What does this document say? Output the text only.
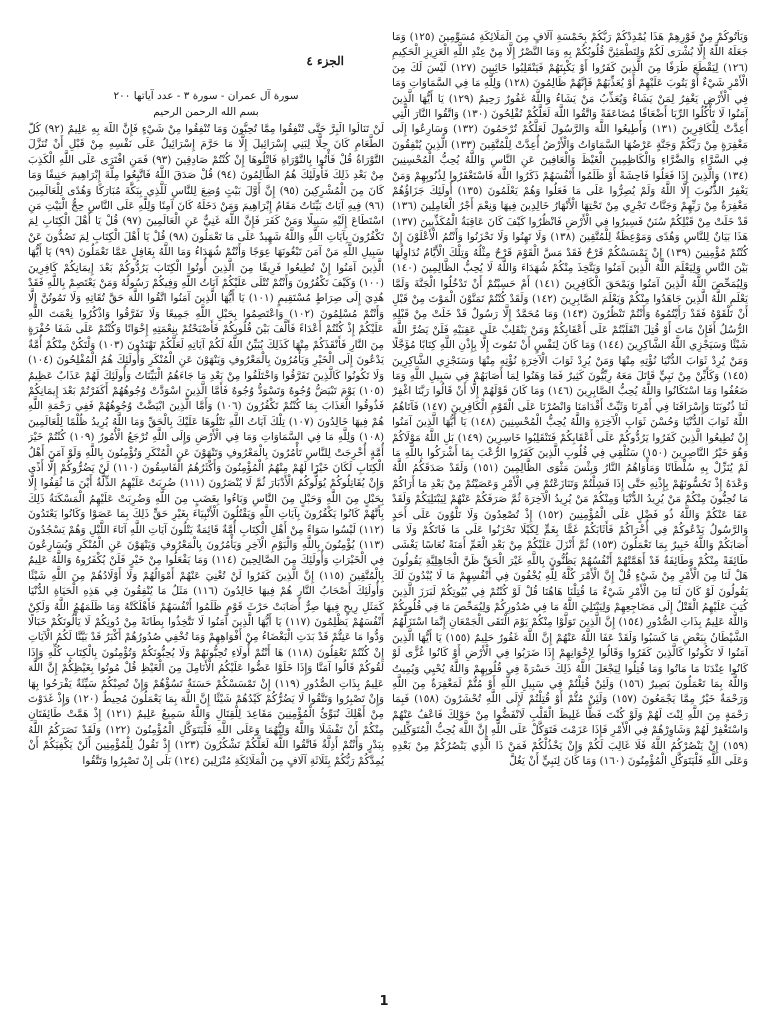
وَيَأْتُوكُمْ مِنْ فَوْرِهِمْ هَذَا يُمْدِدْكُمْ رَبُّكُمْ بِخَمْسَةِ آلَافٍ مِنَ الْمَلَائِكَةِ مُسَوِّمِينَ (١٢٥) وَمَا جَعَلَهُ اللَّهُ إِلَّا بُشْرَى لَكُمْ وَلِتَطْمَئِنَّ قُلُوبُكُمْ بِهِ وَمَا النَّصْرُ إِلَّا مِنْ عِنْدِ اللَّهِ الْعَزِيزِ الْحَكِيمِ (١٢٦) لِيَقْطَعَ طَرَفًا مِنَ الَّذِينَ كَفَرُوا أَوْ يَكْبِتَهُمْ فَيَنْقَلِبُوا خَائِبِينَ (١٢٧) لَيْسَ لَكَ مِنَ الْأَمْرِ شَيْءٌ أَوْ يَتُوبَ عَلَيْهِمْ أَوْ يُعَذِّبَهُمْ فَإِنَّهُمْ ظَالِمُونَ (١٢٨) وَلِلَّهِ مَا فِي السَّمَاوَاتِ وَمَا فِي الْأَرْضِ يَغْفِرُ لِمَنْ يَشَاءُ وَيُعَذِّبُ مَنْ يَشَاءُ وَاللَّهُ غَفُورٌ رَحِيمٌ (١٢٩) يَا أَيُّهَا الَّذِينَ آمَنُوا لَا تَأْكُلُوا الرِّبَا أَضْعَافًا مُضَاعَفَةً وَاتَّقُوا اللَّهَ لَعَلَّكُمْ تُفْلِحُونَ (١٣٠) وَاتَّقُوا النَّارَ الَّتِي أُعِدَّتْ لِلْكَافِرِينَ (١٣١) وَأَطِيعُوا اللَّهَ وَالرَّسُولَ لَعَلَّكُمْ تُرْحَمُونَ (١٣٢) وَسَارِعُوا إِلَى مَغْفِرَةٍ مِنْ رَبِّكُمْ وَجَنَّةٍ عَرْضُهَا السَّمَاوَاتُ وَالْأَرْضُ أُعِدَّتْ لِلْمُتَّقِينَ (١٣٣) الَّذِينَ يُنْفِقُونَ فِي السَّرَّاءِ وَالضَّرَّاءِ وَالْكَاظِمِينَ الْغَيْظَ وَالْعَافِينَ عَنِ النَّاسِ وَاللَّهُ يُحِبُّ الْمُحْسِنِينَ (١٣٤) وَالَّذِينَ إِذَا فَعَلُوا فَاحِشَةً أَوْ ظَلَمُوا أَنْفُسَهُمْ ذَكَرُوا اللَّهَ فَاسْتَغْفَرُوا لِذُنُوبِهِمْ وَمَنْ يَغْفِرُ الذُّنُوبَ إِلَّا اللَّهُ وَلَمْ يُصِرُّوا عَلَى مَا فَعَلُوا وَهُمْ يَعْلَمُونَ (١٣٥) أُولَئِكَ جَزَاؤُهُمْ مَغْفِرَةٌ مِنْ رَبِّهِمْ وَجَنَّاتٌ تَجْرِي مِنْ تَحْتِهَا الْأَنْهَارُ خَالِدِينَ فِيهَا وَنِعْمَ أَجْرُ الْعَامِلِينَ (١٣٦) قَدْ خَلَتْ مِنْ قَبْلِكُمْ سُنَنٌ فَسِيرُوا فِي الْأَرْضِ فَانْظُرُوا كَيْفَ كَانَ عَاقِبَةُ الْمُكَذِّبِينَ (١٣٧) هَذَا بَيَانٌ لِلنَّاسِ وَهُدًى وَمَوْعِظَةٌ لِلْمُتَّقِينَ (١٣٨) وَلَا تَهِنُوا وَلَا تَحْزَنُوا وَأَنْتُمُ الْأَعْلَوْنَ إِنْ كُنْتُمْ مُؤْمِنِينَ (١٣٩) إِنْ يَمْسَسْكُمْ قَرْحٌ فَقَدْ مَسَّ الْقَوْمَ قَرْحٌ مِثْلُهُ وَتِلْكَ الْأَيَّامُ نُدَاوِلُهَا بَيْنَ النَّاسِ وَلِيَعْلَمَ اللَّهُ الَّذِينَ آمَنُوا وَيَتَّخِذَ مِنْكُمْ شُهَدَاءَ وَاللَّهُ لَا يُحِبُّ الظَّالِمِينَ (١٤٠) وَلِيُمَحِّصَ اللَّهُ الَّذِينَ آمَنُوا وَيَمْحَقَ الْكَافِرِينَ (١٤١) أَمْ حَسِبْتُمْ أَنْ تَدْخُلُوا الْجَنَّةَ وَلَمَّا يَعْلَمِ اللَّهُ الَّذِينَ جَاهَدُوا مِنْكُمْ وَيَعْلَمَ الصَّابِرِينَ (١٤٢) وَلَقَدْ كُنْتُمْ تَمَنَّوْنَ الْمَوْتَ مِنْ قَبْلِ أَنْ تَلْقَوْهُ فَقَدْ رَأَيْتُمُوهُ وَأَنْتُمْ تَنْظُرُونَ (١٤٣) وَمَا مُحَمَّدٌ إِلَّا رَسُولٌ قَدْ خَلَتْ مِنْ قَبْلِهِ الرُّسُلُ أَفَإِنْ مَاتَ أَوْ قُتِلَ انْقَلَبْتُمْ عَلَى أَعْقَابِكُمْ وَمَنْ يَنْقَلِبْ عَلَى عَقِبَيْهِ فَلَنْ يَضُرَّ اللَّهَ شَيْئًا وَسَيَجْزِي اللَّهُ الشَّاكِرِينَ (١٤٤) وَمَا كَانَ لِنَفْسٍ أَنْ تَمُوتَ إِلَّا بِإِذْنِ اللَّهِ كِتَابًا مُؤَجَّلًا وَمَنْ يُرِدْ ثَوَابَ الدُّنْيَا نُؤْتِهِ مِنْهَا وَمَنْ يُرِدْ ثَوَابَ الْآخِرَةِ نُؤْتِهِ مِنْهَا وَسَنَجْزِي الشَّاكِرِينَ (١٤٥) وَكَأَيِّنْ مِنْ نَبِيٍّ قَاتَلَ مَعَهُ رِبِّيُّونَ كَثِيرٌ فَمَا وَهَنُوا لِمَا أَصَابَهُمْ فِي سَبِيلِ اللَّهِ وَمَا ضَعُفُوا وَمَا اسْتَكَانُوا وَاللَّهُ يُحِبُّ الصَّابِرِينَ (١٤٦) وَمَا كَانَ قَوْلَهُمْ إِلَّا أَنْ قَالُوا رَبَّنَا اغْفِرْ لَنَا ذُنُوبَنَا وَإِسْرَافَنَا فِي أَمْرِنَا وَثَبِّتْ أَقْدَامَنَا وَانْصُرْنَا عَلَى الْقَوْمِ الْكَافِرِينَ (١٤٧) فَآتَاهُمُ اللَّهُ ثَوَابَ الدُّنْيَا وَحُسْنَ ثَوَابِ الْآخِرَةِ وَاللَّهُ يُحِبُّ الْمُحْسِنِينَ (١٤٨) يَا أَيُّهَا الَّذِينَ آمَنُوا إِنْ تُطِيعُوا الَّذِينَ كَفَرُوا يَرُدُّوكُمْ عَلَى أَعْقَابِكُمْ فَتَنْقَلِبُوا خَاسِرِينَ (١٤٩) بَلِ اللَّهُ مَوْلَاكُمْ وَهُوَ خَيْرُ النَّاصِرِينَ (١٥٠) سَنُلْقِي فِي قُلُوبِ الَّذِينَ كَفَرُوا الرُّعْبَ بِمَا أَشْرَكُوا بِاللَّهِ مَا لَمْ يُنَزِّلْ بِهِ سُلْطَانًا وَمَأْوَاهُمُ النَّارُ وَبِئْسَ مَثْوَى الظَّالِمِينَ (١٥١) وَلَقَدْ صَدَقَكُمُ اللَّهُ وَعْدَهُ إِذْ تَحُسُّونَهُمْ بِإِذْنِهِ حَتَّى إِذَا فَشِلْتُمْ وَتَنَازَعْتُمْ فِي الْأَمْرِ وَعَصَيْتُمْ مِنْ بَعْدِ مَا أَرَاكُمْ مَا تُحِبُّونَ مِنْكُمْ مَنْ يُرِيدُ الدُّنْيَا وَمِنْكُمْ مَنْ يُرِيدُ الْآخِرَةَ ثُمَّ صَرَفَكُمْ عَنْهُمْ لِيَبْتَلِيَكُمْ وَلَقَدْ عَفَا عَنْكُمْ وَاللَّهُ ذُو فَضْلٍ عَلَى الْمُؤْمِنِينَ (١٥٢) إِذْ تُصْعِدُونَ وَلَا تَلْوُونَ عَلَى أَحَدٍ وَالرَّسُولُ يَدْعُوكُمْ فِي أُخْرَاكُمْ فَأَثَابَكُمْ غَمًّا بِغَمٍّ لِكَيْلَا تَحْزَنُوا عَلَى مَا فَاتَكُمْ وَلَا مَا أَصَابَكُمْ وَاللَّهُ خَبِيرٌ بِمَا تَعْمَلُونَ (١٥٣) ثُمَّ أَنْزَلَ عَلَيْكُمْ مِنْ بَعْدِ الْغَمِّ أَمَنَةً نُعَاسًا يَغْشَى طَائِفَةً مِنْكُمْ وَطَائِفَةٌ قَدْ أَهَمَّتْهُمْ أَنْفُسُهُمْ يَظُنُّونَ بِاللَّهِ غَيْرَ الْحَقِّ ظَنَّ الْجَاهِلِيَّةِ يَقُولُونَ هَلْ لَنَا مِنَ الْأَمْرِ مِنْ شَيْءٍ قُلْ إِنَّ الْأَمْرَ كُلَّهُ لِلَّهِ يُخْفُونَ فِي أَنْفُسِهِمْ مَا لَا يُبْدُونَ لَكَ يَقُولُونَ لَوْ كَانَ لَنَا مِنَ الْأَمْرِ شَيْءٌ مَا قُتِلْنَا هَاهُنَا قُلْ لَوْ كُنْتُمْ فِي بُيُوتِكُمْ لَبَرَزَ الَّذِينَ كُتِبَ عَلَيْهِمُ الْقَتْلُ إِلَى مَضَاجِعِهِمْ وَلِيَبْتَلِيَ اللَّهُ مَا فِي صُدُورِكُمْ وَلِيُمَحِّصَ مَا فِي قُلُوبِكُمْ وَاللَّهُ عَلِيمٌ بِذَاتِ الصُّدُورِ (١٥٤) إِنَّ الَّذِينَ تَوَلَّوْا مِنْكُمْ يَوْمَ الْتَقَى الْجَمْعَانِ إِنَّمَا اسْتَزَلَّهُمُ الشَّيْطَانُ بِبَعْضِ مَا كَسَبُوا وَلَقَدْ عَفَا اللَّهُ عَنْهُمْ إِنَّ اللَّهَ غَفُورٌ حَلِيمٌ (١٥٥) يَا أَيُّهَا الَّذِينَ آمَنُوا لَا تَكُونُوا كَالَّذِينَ كَفَرُوا وَقَالُوا لِإِخْوَانِهِمْ إِذَا ضَرَبُوا فِي الْأَرْضِ أَوْ كَانُوا غُزًّى لَوْ كَانُوا عِنْدَنَا مَا مَاتُوا وَمَا قُتِلُوا لِيَجْعَلَ اللَّهُ ذَلِكَ حَسْرَةً فِي قُلُوبِهِمْ وَاللَّهُ يُحْيِي وَيُمِيتُ وَاللَّهُ بِمَا تَعْمَلُونَ بَصِيرٌ (١٥٦) وَلَئِنْ قُتِلْتُمْ فِي سَبِيلِ اللَّهِ أَوْ مُتُّمْ لَمَغْفِرَةٌ مِنَ اللَّهِ وَرَحْمَةٌ خَيْرٌ مِمَّا يَجْمَعُونَ (١٥٧) وَلَئِنْ مُتُّمْ أَوْ قُتِلْتُمْ لَإِلَى اللَّهِ تُحْشَرُونَ (١٥٨) فَبِمَا رَحْمَةٍ مِنَ اللَّهِ لِنْتَ لَهُمْ وَلَوْ كُنْتَ فَظًّا غَلِيظَ الْقَلْبِ لَانْفَضُّوا مِنْ حَوْلِكَ فَاعْفُ عَنْهُمْ وَاسْتَغْفِرْ لَهُمْ وَشَاوِرْهُمْ فِي الْأَمْرِ فَإِذَا عَزَمْتَ فَتَوَكَّلْ عَلَى اللَّهِ إِنَّ اللَّهَ يُحِبُّ الْمُتَوَكِّلِينَ (١٥٩) إِنْ يَنْصُرْكُمُ اللَّهُ فَلَا غَالِبَ لَكُمْ وَإِنْ يَخْذُلْكُمْ فَمَنْ ذَا الَّذِي يَنْصُرُكُمْ مِنْ بَعْدِهِ وَعَلَى اللَّهِ فَلْيَتَوَكَّلِ الْمُؤْمِنُونَ (١٦٠) وَمَا كَانَ لِنَبِيٍّ أَنْ يَغُلَّ

الجزء ٤
سورة آل عمران - سورة ٣ - عدد آياتها ٢٠٠
بسم الله الرحمن الرحيم

لَنْ تَنَالُوا الْبِرَّ حَتَّى تُنْفِقُوا مِمَّا تُحِبُّونَ وَمَا تُنْفِقُوا مِنْ شَيْءٍ فَإِنَّ اللَّهَ بِهِ عَلِيمٌ (٩٢) كُلُّ الطَّعَامِ كَانَ حِلًّا لِبَنِي إِسْرَائِيلَ إِلَّا مَا حَرَّمَ إِسْرَائِيلُ عَلَى نَفْسِهِ مِنْ قَبْلِ أَنْ تُنَزَّلَ التَّوْرَاةُ قُلْ فَأْتُوا بِالتَّوْرَاةِ فَاتْلُوهَا إِنْ كُنْتُمْ صَادِقِينَ (٩٣) فَمَنِ افْتَرَى عَلَى اللَّهِ الْكَذِبَ مِنْ بَعْدِ ذَلِكَ فَأُولَئِكَ هُمُ الظَّالِمُونَ (٩٤) قُلْ صَدَقَ اللَّهُ فَاتَّبِعُوا مِلَّةَ إِبْرَاهِيمَ حَنِيفًا وَمَا كَانَ مِنَ الْمُشْرِكِينَ (٩٥) إِنَّ أَوَّلَ بَيْتٍ وُضِعَ لِلنَّاسِ لَلَّذِي بِبَكَّةَ مُبَارَكًا وَهُدًى لِلْعَالَمِينَ (٩٦) فِيهِ آيَاتٌ بَيِّنَاتٌ مَقَامُ إِبْرَاهِيمَ وَمَنْ دَخَلَهُ كَانَ آمِنًا وَلِلَّهِ عَلَى النَّاسِ حِجُّ الْبَيْتِ مَنِ اسْتَطَاعَ إِلَيْهِ سَبِيلًا وَمَنْ كَفَرَ فَإِنَّ اللَّهَ غَنِيٌّ عَنِ الْعَالَمِينَ (٩٧) قُلْ يَا أَهْلَ الْكِتَابِ لِمَ تَكْفُرُونَ بِآيَاتِ اللَّهِ وَاللَّهُ شَهِيدٌ عَلَى مَا تَعْمَلُونَ (٩٨) قُلْ يَا أَهْلَ الْكِتَابِ لِمَ تَصُدُّونَ عَنْ سَبِيلِ اللَّهِ مَنْ آمَنَ تَبْغُونَهَا عِوَجًا وَأَنْتُمْ شُهَدَاءُ وَمَا اللَّهُ بِغَافِلٍ عَمَّا تَعْمَلُونَ (٩٩) يَا أَيُّهَا الَّذِينَ آمَنُوا إِنْ تُطِيعُوا فَرِيقًا مِنَ الَّذِينَ أُوتُوا الْكِتَابَ يَرُدُّوكُمْ بَعْدَ إِيمَانِكُمْ كَافِرِينَ (١٠٠) وَكَيْفَ تَكْفُرُونَ وَأَنْتُمْ تُتْلَى عَلَيْكُمْ آيَاتُ اللَّهِ وَفِيكُمْ رَسُولُهُ وَمَنْ يَعْتَصِمْ بِاللَّهِ فَقَدْ هُدِيَ إِلَى صِرَاطٍ مُسْتَقِيمٍ (١٠١) يَا أَيُّهَا الَّذِينَ آمَنُوا اتَّقُوا اللَّهَ حَقَّ تُقَاتِهِ وَلَا تَمُوتُنَّ إِلَّا وَأَنْتُمْ مُسْلِمُونَ (١٠٢) وَاعْتَصِمُوا بِحَبْلِ اللَّهِ جَمِيعًا وَلَا تَفَرَّقُوا وَاذْكُرُوا نِعْمَتَ اللَّهِ عَلَيْكُمْ إِذْ كُنْتُمْ أَعْدَاءً فَأَلَّفَ بَيْنَ قُلُوبِكُمْ فَأَصْبَحْتُمْ بِنِعْمَتِهِ إِخْوَانًا وَكُنْتُمْ عَلَى شَفَا حُفْرَةٍ مِنَ النَّارِ فَأَنْقَذَكُمْ مِنْهَا كَذَلِكَ يُبَيِّنُ اللَّهُ لَكُمْ آيَاتِهِ لَعَلَّكُمْ تَهْتَدُونَ (١٠٣) وَلْتَكُنْ مِنْكُمْ أُمَّةٌ يَدْعُونَ إِلَى الْخَيْرِ وَيَأْمُرُونَ بِالْمَعْرُوفِ وَيَنْهَوْنَ عَنِ الْمُنْكَرِ وَأُولَئِكَ هُمُ الْمُفْلِحُونَ (١٠٤) وَلَا تَكُونُوا كَالَّذِينَ تَفَرَّقُوا وَاخْتَلَفُوا مِنْ بَعْدِ مَا جَاءَهُمُ الْبَيِّنَاتُ وَأُولَئِكَ لَهُمْ عَذَابٌ عَظِيمٌ (١٠٥) يَوْمَ تَبْيَضُّ وُجُوهٌ وَتَسْوَدُّ وُجُوهٌ فَأَمَّا الَّذِينَ اسْوَدَّتْ وُجُوهُهُمْ أَكَفَرْتُمْ بَعْدَ إِيمَانِكُمْ فَذُوقُوا الْعَذَابَ بِمَا كُنْتُمْ تَكْفُرُونَ (١٠٦) وَأَمَّا الَّذِينَ ابْيَضَّتْ وُجُوهُهُمْ فَفِي رَحْمَةِ اللَّهِ هُمْ فِيهَا خَالِدُونَ (١٠٧) تِلْكَ آيَاتُ اللَّهِ نَتْلُوهَا عَلَيْكَ بِالْحَقِّ وَمَا اللَّهُ يُرِيدُ ظُلْمًا لِلْعَالَمِينَ (١٠٨) وَلِلَّهِ مَا فِي السَّمَاوَاتِ وَمَا فِي الْأَرْضِ وَإِلَى اللَّهِ تُرْجَعُ الْأُمُورُ (١٠٩) كُنْتُمْ خَيْرَ أُمَّةٍ أُخْرِجَتْ لِلنَّاسِ تَأْمُرُونَ بِالْمَعْرُوفِ وَتَنْهَوْنَ عَنِ الْمُنْكَرِ وَتُؤْمِنُونَ بِاللَّهِ وَلَوْ آمَنَ أَهْلُ الْكِتَابِ لَكَانَ خَيْرًا لَهُمْ مِنْهُمُ الْمُؤْمِنُونَ وَأَكْثَرُهُمُ الْفَاسِقُونَ (١١٠) لَنْ يَضُرُّوكُمْ إِلَّا أَذًى وَإِنْ يُقَاتِلُوكُمْ يُوَلُّوكُمُ الْأَدْبَارَ ثُمَّ لَا يُنْصَرُونَ (١١١) ضُرِبَتْ عَلَيْهِمُ الذِّلَّةُ أَيْنَ مَا ثُقِفُوا إِلَّا بِحَبْلٍ مِنَ اللَّهِ وَحَبْلٍ مِنَ النَّاسِ وَبَاءُوا بِغَضَبٍ مِنَ اللَّهِ وَضُرِبَتْ عَلَيْهِمُ الْمَسْكَنَةُ ذَلِكَ بِأَنَّهُمْ كَانُوا يَكْفُرُونَ بِآيَاتِ اللَّهِ وَيَقْتُلُونَ الْأَنْبِيَاءَ بِغَيْرِ حَقٍّ ذَلِكَ بِمَا عَصَوْا وَكَانُوا يَعْتَدُونَ (١١٢) لَيْسُوا سَوَاءً مِنْ أَهْلِ الْكِتَابِ أُمَّةٌ قَائِمَةٌ يَتْلُونَ آيَاتِ اللَّهِ آنَاءَ اللَّيْلِ وَهُمْ يَسْجُدُونَ (١١٣) يُؤْمِنُونَ بِاللَّهِ وَالْيَوْمِ الْآخِرِ وَيَأْمُرُونَ بِالْمَعْرُوفِ وَيَنْهَوْنَ عَنِ الْمُنْكَرِ وَيُسَارِعُونَ فِي الْخَيْرَاتِ وَأُولَئِكَ مِنَ الصَّالِحِينَ (١١٤) وَمَا يَفْعَلُوا مِنْ خَيْرٍ فَلَنْ يُكْفَرُوهُ وَاللَّهُ عَلِيمٌ بِالْمُتَّقِينَ (١١٥) إِنَّ الَّذِينَ كَفَرُوا لَنْ تُغْنِيَ عَنْهُمْ أَمْوَالُهُمْ وَلَا أَوْلَادُهُمْ مِنَ اللَّهِ شَيْئًا وَأُولَئِكَ أَصْحَابُ النَّارِ هُمْ فِيهَا خَالِدُونَ (١١٦) مَثَلُ مَا يُنْفِقُونَ فِي هَذِهِ الْحَيَاةِ الدُّنْيَا كَمَثَلِ رِيحٍ فِيهَا صِرٌّ أَصَابَتْ حَرْثَ قَوْمٍ ظَلَمُوا أَنْفُسَهُمْ فَأَهْلَكَتْهُ وَمَا ظَلَمَهُمُ اللَّهُ وَلَكِنْ أَنْفُسَهُمْ يَظْلِمُونَ (١١٧) يَا أَيُّهَا الَّذِينَ آمَنُوا لَا تَتَّخِذُوا بِطَانَةً مِنْ دُونِكُمْ لَا يَأْلُونَكُمْ خَبَالًا وَدُّوا مَا عَنِتُّمْ قَدْ بَدَتِ الْبَغْضَاءُ مِنْ أَفْوَاهِهِمْ وَمَا تُخْفِي صُدُورُهُمْ أَكْبَرُ قَدْ بَيَّنَّا لَكُمُ الْآيَاتِ إِنْ كُنْتُمْ تَعْقِلُونَ (١١٨) هَا أَنْتُمْ أُولَاءِ تُحِبُّونَهُمْ وَلَا يُحِبُّونَكُمْ وَتُؤْمِنُونَ بِالْكِتَابِ كُلِّهِ وَإِذَا لَقُوكُمْ قَالُوا آمَنَّا وَإِذَا خَلَوْا عَضُّوا عَلَيْكُمُ الْأَنَامِلَ مِنَ الْغَيْظِ قُلْ مُوتُوا بِغَيْظِكُمْ إِنَّ اللَّهَ عَلِيمٌ بِذَاتِ الصُّدُورِ (١١٩) إِنْ تَمْسَسْكُمْ حَسَنَةٌ تَسُؤْهُمْ وَإِنْ تُصِبْكُمْ سَيِّئَةٌ يَفْرَحُوا بِهَا وَإِنْ تَصْبِرُوا وَتَتَّقُوا لَا يَضُرُّكُمْ كَيْدُهُمْ شَيْئًا إِنَّ اللَّهَ بِمَا يَعْمَلُونَ مُحِيطٌ (١٢٠) وَإِذْ غَدَوْتَ مِنْ أَهْلِكَ تُبَوِّئُ الْمُؤْمِنِينَ مَقَاعِدَ لِلْقِتَالِ وَاللَّهُ سَمِيعٌ عَلِيمٌ (١٢١) إِذْ هَمَّتْ طَائِفَتَانِ مِنْكُمْ أَنْ تَفْشَلَا وَاللَّهُ وَلِيُّهُمَا وَعَلَى اللَّهِ فَلْيَتَوَكَّلِ الْمُؤْمِنُونَ (١٢٢) وَلَقَدْ نَصَرَكُمُ اللَّهُ بِبَدْرٍ وَأَنْتُمْ أَذِلَّةٌ فَاتَّقُوا اللَّهَ لَعَلَّكُمْ تَشْكُرُونَ (١٢٣) إِذْ تَقُولُ لِلْمُؤْمِنِينَ أَلَنْ يَكْفِيَكُمْ أَنْ يُمِدَّكُمْ رَبُّكُمْ بِثَلَاثَةِ آلَافٍ مِنَ الْمَلَائِكَةِ مُنْزَلِينَ (١٢٤) بَلَى إِنْ تَصْبِرُوا وَتَتَّقُوا

1
